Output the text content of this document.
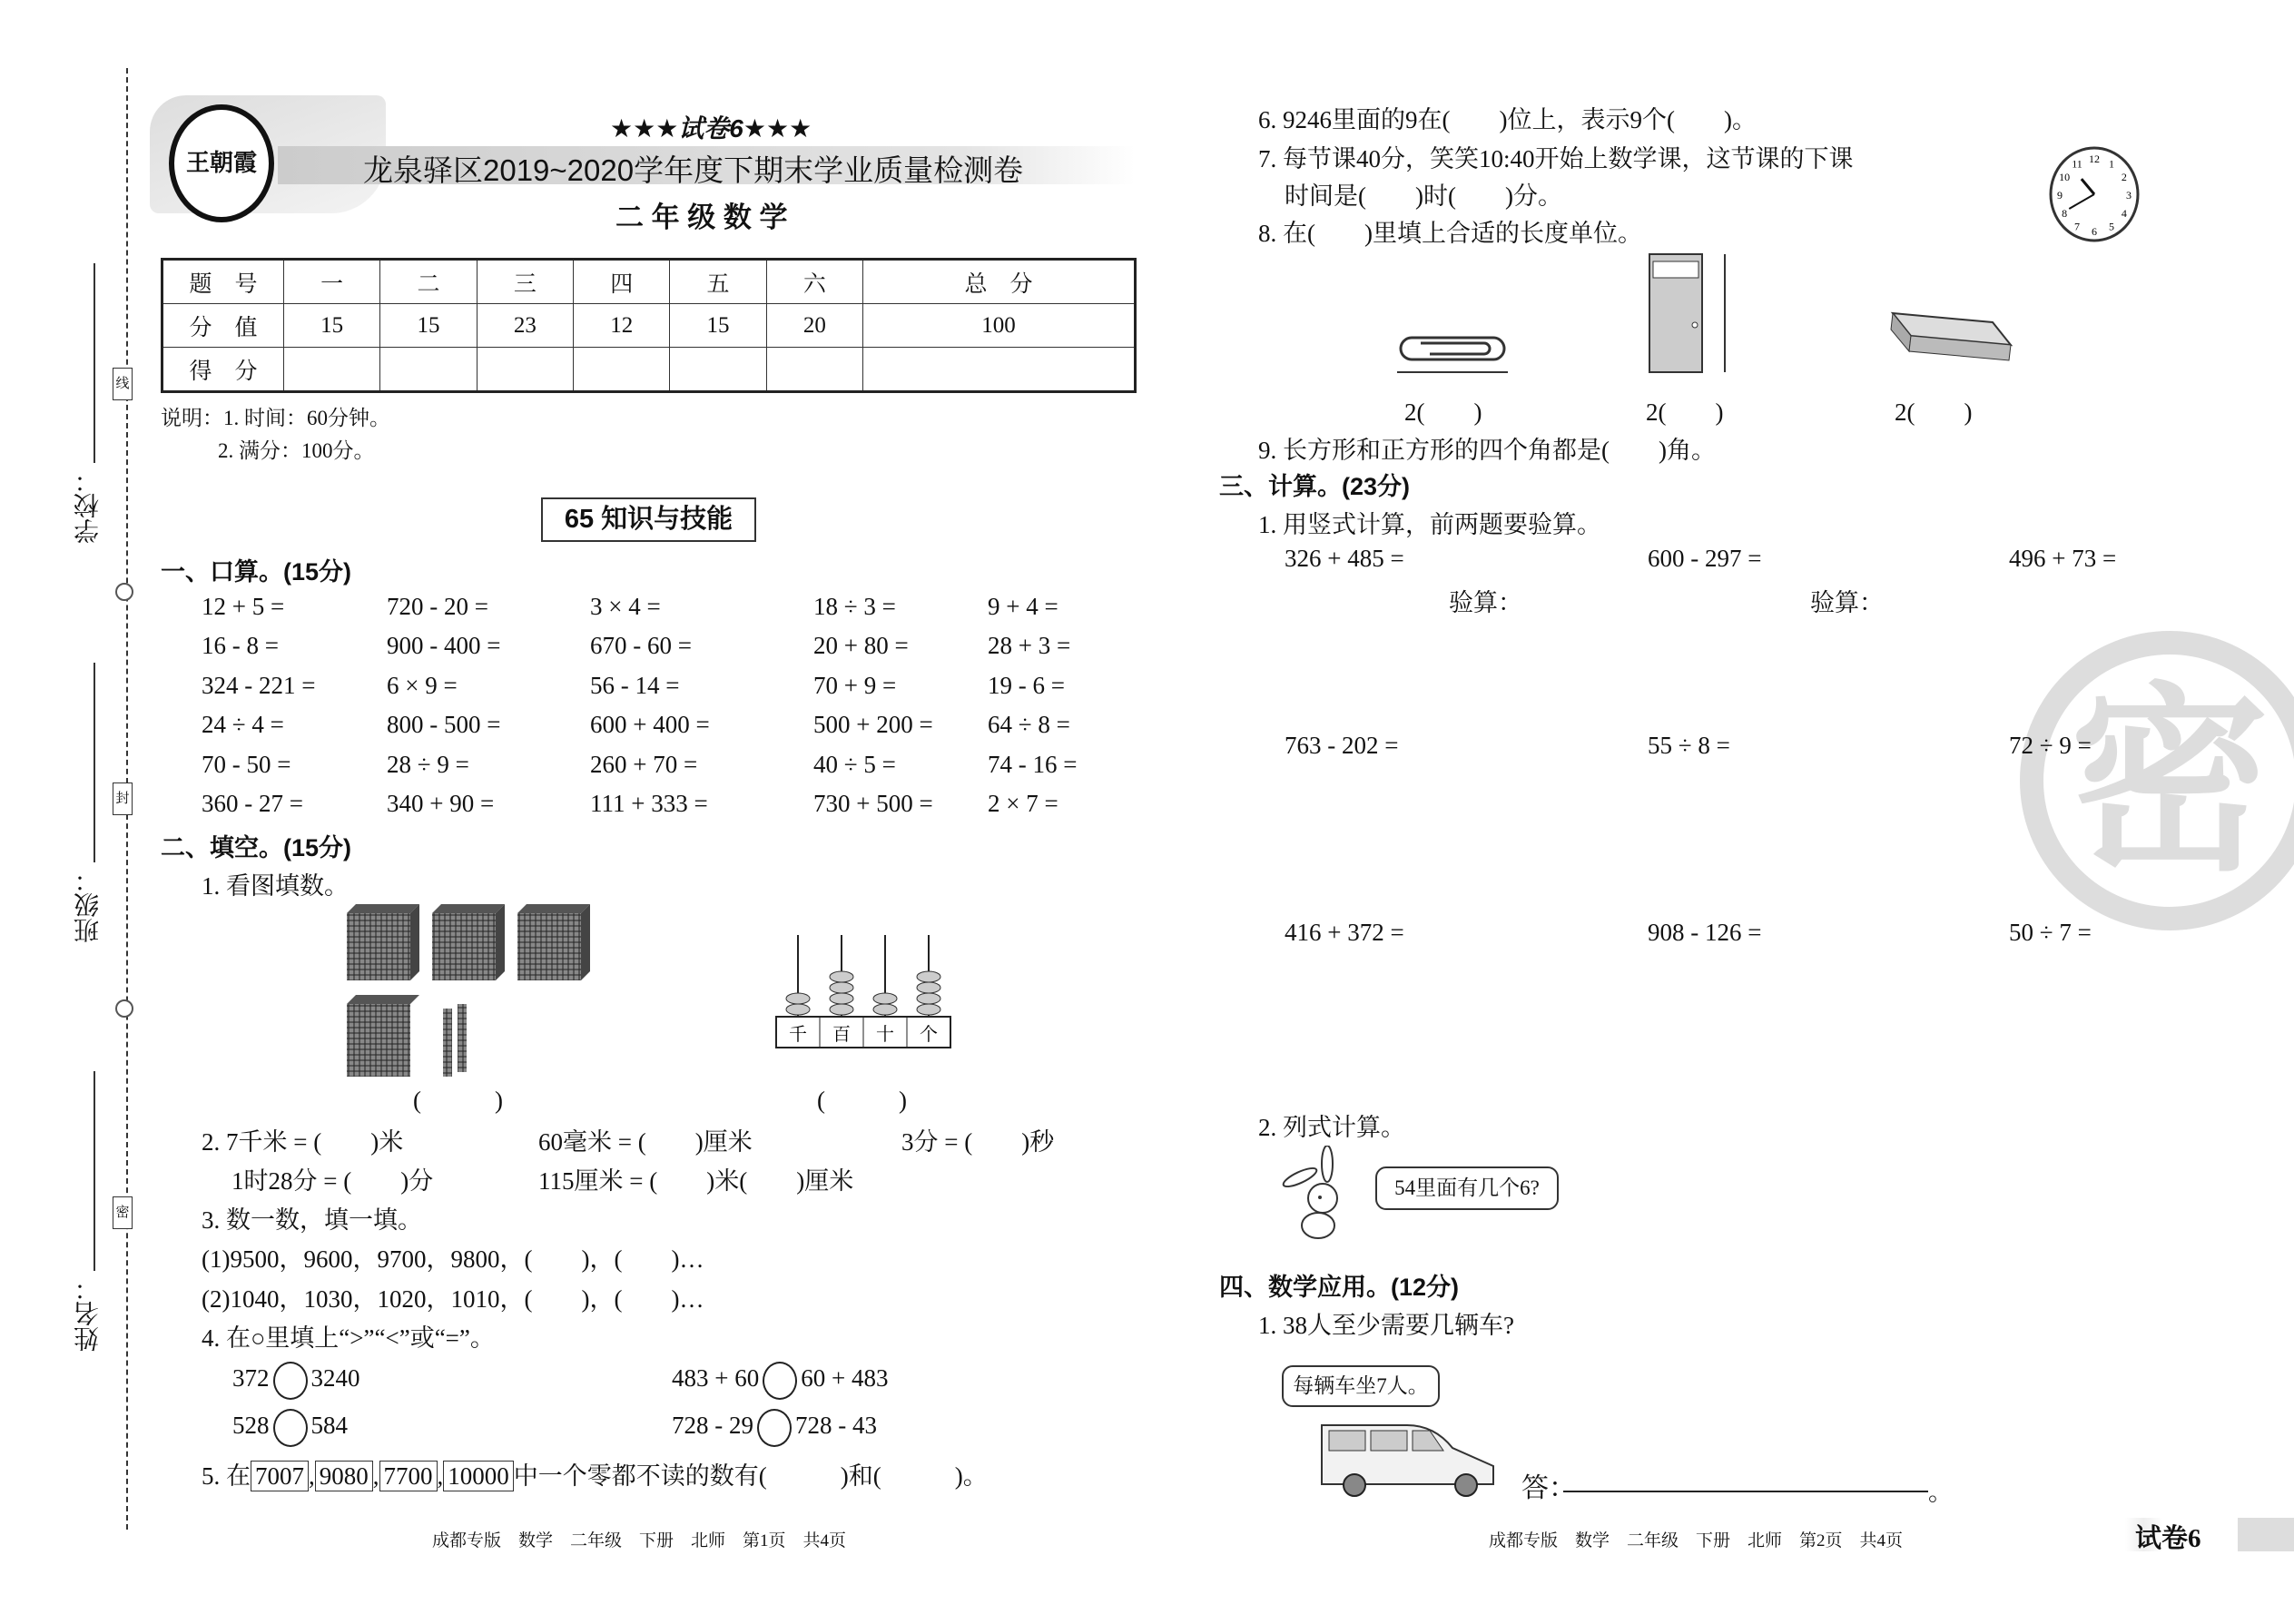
学校：
班级：
姓名：
线
封
密
王朝霞
★★★试卷6★★★
龙泉驿区2019~2020学年度下期末学业质量检测卷
二 年 级 数 学
题　号	一	二	三	四	五	六	总　分
分　值	15	15	23	12	15	20	100
得　分							
说明：1. 时间：60分钟。
2. 满分：100分。
65 知识与技能
一、口算。(15分)
12 + 5 =	720 - 20 =	3 × 4 =	18 ÷ 3 =	9 + 4 =
16 - 8 =	900 - 400 =	670 - 60 =	20 + 80 =	28 + 3 =
324 - 221 =	6 × 9 =	56 - 14 =	70 + 9 =	19 - 6 =
24 ÷ 4 =	800 - 500 =	600 + 400 =	500 + 200 = 64 ÷ 8 =
70 - 50 =	28 ÷ 9 =	260 + 70 =	40 ÷ 5 =	74 - 16 =
360 - 27 =	340 + 90 =	111 + 333 =	730 + 500 = 2 × 7 =
二、填空。(15分)
1. 看图填数。
千 百 十 个
(　　　)	(　　　)
2. 7千米 = (　　)米	60毫米 = (　　)厘米	3分 = (　　)秒
1时28分 = (　　)分	115厘米 = (　　)米(　　)厘米
3. 数一数，填一填。
(1)9500，9600，9700，9800，(　　)，(　　)…
(2)1040，1030，1020，1010，(　　)，(　　)…
4. 在○里填上“>”“<”或“=”。
372 3240	483 + 60 60 + 483
528 584	728 - 29 728 - 43
5. 在 7007 , 9080 , 7700 , 10000 中一个零都不读的数有(　　　)和(　　　)。
成都专版　数学　二年级　下册　北师　第1页　共4页
6. 9246里面的9在(　　)位上，表示9个(　　)。
7. 每节课40分，笑笑10:40开始上数学课，这节课的下课
时间是(　　)时(　　)分。
8. 在(　　)里填上合适的长度单位。
1
2
3
4
5
6
7
8
9
10
11 12
2(　　)	2(　　)	2(　　)
9. 长方形和正方形的四个角都是(　　)角。
密
三、计算。(23分)
1. 用竖式计算，前两题要验算。
326 + 485 =	600 - 297 =	496 + 73 =
763 - 202 =	55 ÷ 8 =	72 ÷ 9 =
416 + 372 =	908 - 126 =	50 ÷ 7 =
验算：	验算：
2. 列式计算。
54里面有几个6?
四、数学应用。(12分)
1. 38人至少需要几辆车?
每辆车坐7人。
答：	。
成都专版　数学　二年级　下册　北师　第2页　共4页	试卷6
